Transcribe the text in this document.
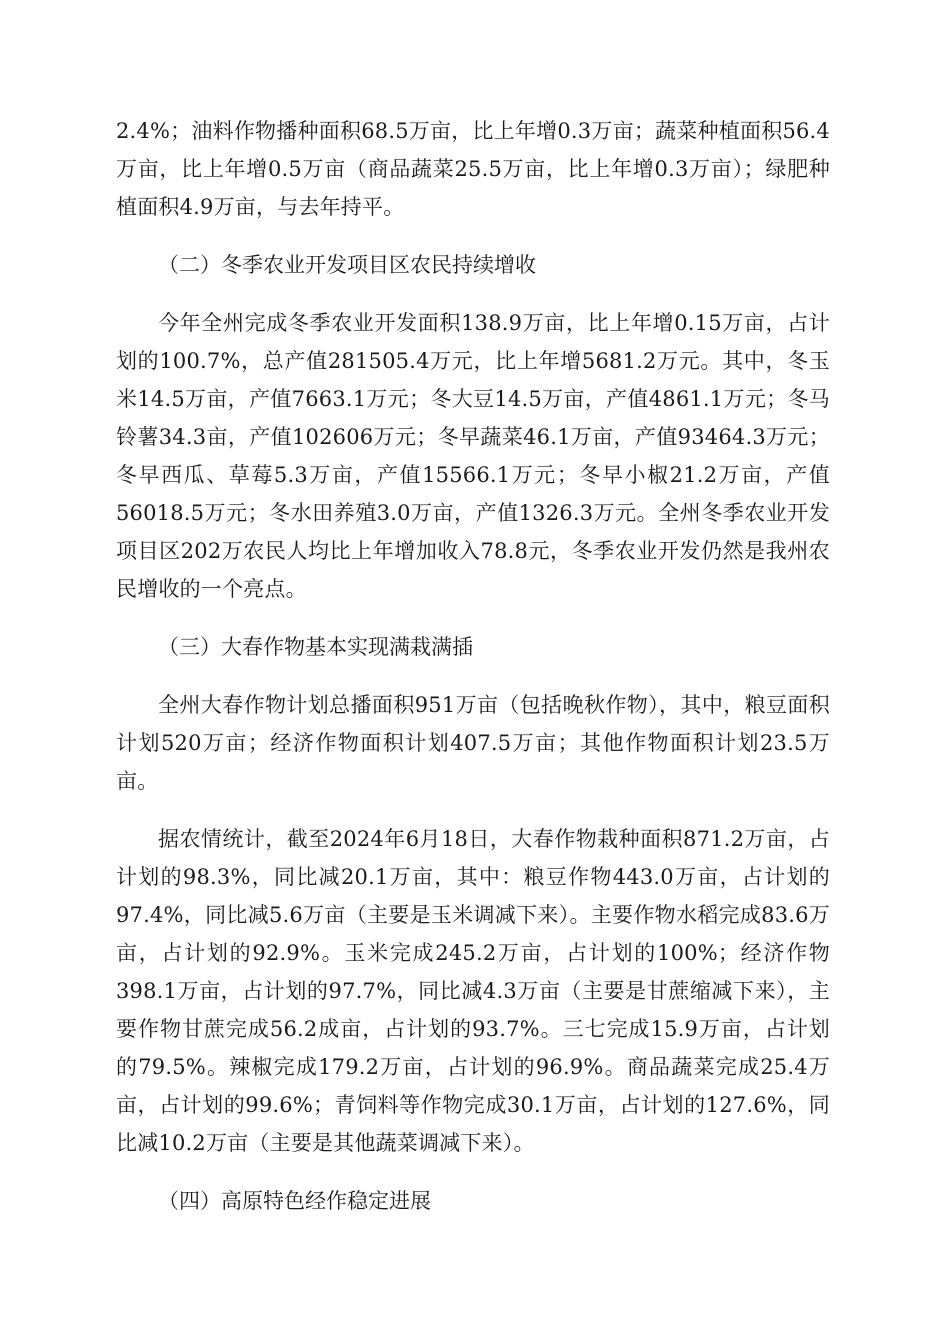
2.4%；油料作物播种面积68.5万亩，比上年增0.3万亩；蔬菜种植面积56.4万亩，比上年增0.5万亩（商品蔬菜25.5万亩，比上年增0.3万亩）；绿肥种植面积4.9万亩，与去年持平。

（二）冬季农业开发项目区农民持续增收

今年全州完成冬季农业开发面积138.9万亩，比上年增0.15万亩，占计划的100.7%，总产值281505.4万元，比上年增5681.2万元。其中，冬玉米14.5万亩，产值7663.1万元；冬大豆14.5万亩，产值4861.1万元；冬马铃薯34.3亩，产值102606万元；冬早蔬菜46.1万亩，产值93464.3万元；冬早西瓜、草莓5.3万亩，产值15566.1万元；冬早小椒21.2万亩，产值56018.5万元；冬水田养殖3.0万亩，产值1326.3万元。全州冬季农业开发项目区202万农民人均比上年增加收入78.8元，冬季农业开发仍然是我州农民增收的一个亮点。

（三）大春作物基本实现满栽满插

全州大春作物计划总播面积951万亩（包括晚秋作物），其中，粮豆面积计划520万亩；经济作物面积计划407.5万亩；其他作物面积计划23.5万亩。

据农情统计，截至2024年6月18日，大春作物栽种面积871.2万亩，占计划的98.3%，同比减20.1万亩，其中：粮豆作物443.0万亩，占计划的97.4%，同比减5.6万亩（主要是玉米调减下来）。主要作物水稻完成83.6万亩，占计划的92.9%。玉米完成245.2万亩，占计划的100%；经济作物398.1万亩，占计划的97.7%，同比减4.3万亩（主要是甘蔗缩减下来），主要作物甘蔗完成56.2成亩，占计划的93.7%。三七完成15.9万亩，占计划的79.5%。辣椒完成179.2万亩，占计划的96.9%。商品蔬菜完成25.4万亩，占计划的99.6%；青饲料等作物完成30.1万亩，占计划的127.6%，同比减10.2万亩（主要是其他蔬菜调减下来）。

（四）高原特色经作稳定进展
